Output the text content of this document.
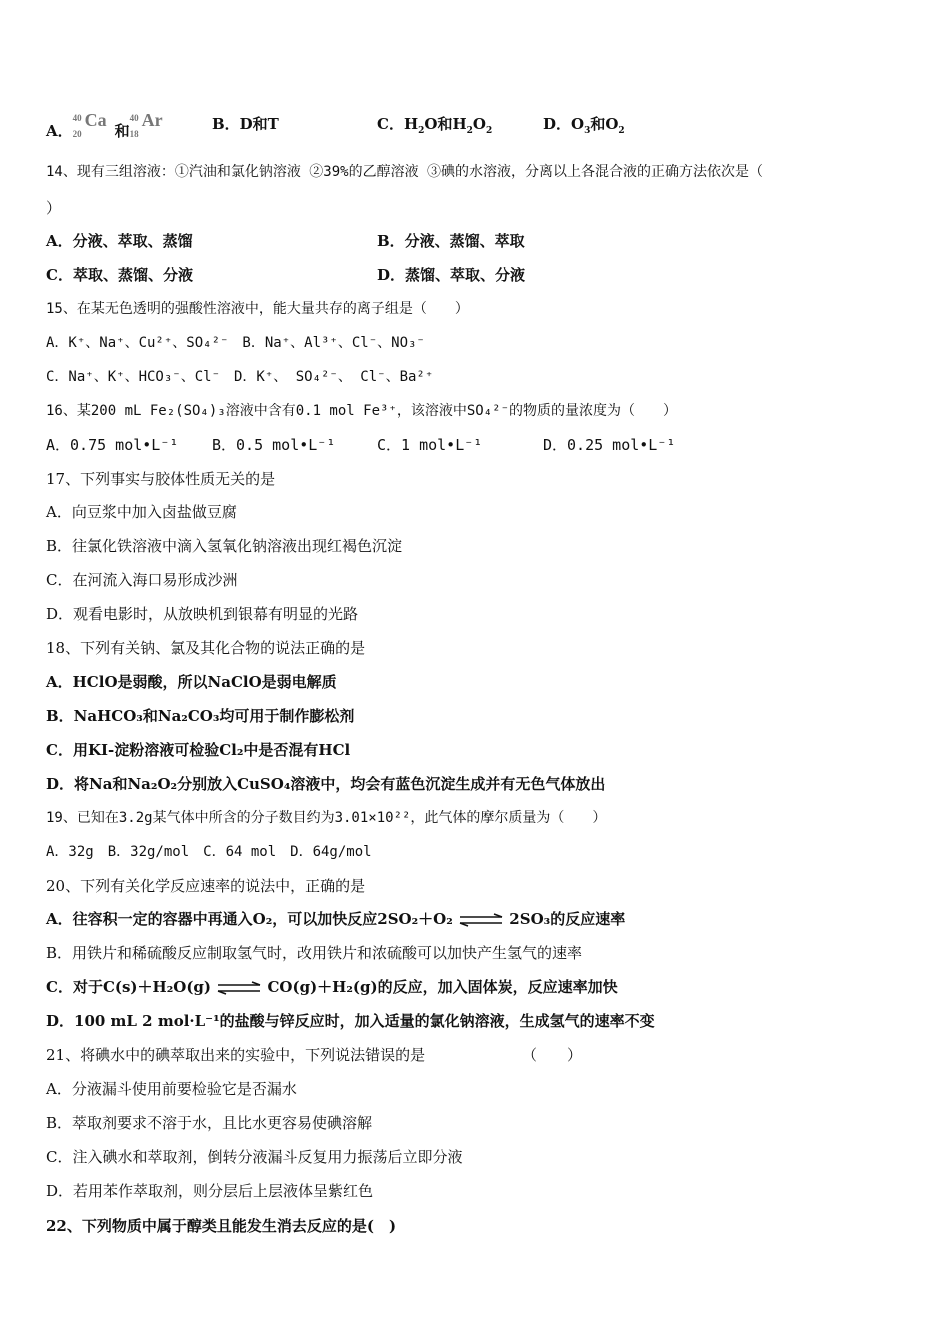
A．
40
20
Ca
和
40
18
Ar	B．D和T	C．$H_2O$和$H_2O_2$	D．$O_3$和$O_2$
14、现有三组溶液：①汽油和氯化钠溶液 ②39%的乙醇溶液 ③碘的水溶液，分离以上各混合液的正确方法依次是（
）
A．分液、萃取、蒸馏	B．分液、蒸馏、萃取
C．萃取、蒸馏、分液	D．蒸馏、萃取、分液
15、在某无色透明的强酸性溶液中，能大量共存的离子组是（　　）
A．K⁺、Na⁺、Cu²⁺、SO₄²⁻　B．Na⁺、Al³⁺、Cl⁻、NO₃⁻
C．Na⁺、K⁺、HCO₃⁻、Cl⁻　D．K⁺、 SO₄²⁻、 Cl⁻、Ba²⁺
16、某200 mL Fe₂(SO₄)₃溶液中含有0.1 mol Fe³⁺，该溶液中SO₄²⁻的物质的量浓度为（　　）
A．0.75 mol•L⁻¹ B．0.5 mol•L⁻¹	C．1 mol•L⁻¹	D．0.25 mol•L⁻¹
17、下列事实与胶体性质无关的是
A．向豆浆中加入卤盐做豆腐
B．往氯化铁溶液中滴入氢氧化钠溶液出现红褐色沉淀
C．在河流入海口易形成沙洲
D．观看电影时，从放映机到银幕有明显的光路
18、下列有关钠、氯及其化合物的说法正确的是
A．HClO是弱酸，所以NaClO是弱电解质
B．NaHCO₃和Na₂CO₃均可用于制作膨松剂
C．用KI-淀粉溶液可检验Cl₂中是否混有HCl
D．将Na和Na₂O₂分别放入CuSO₄溶液中，均会有蓝色沉淀生成并有无色气体放出
19、已知在3.2g某气体中所含的分子数目约为3.01×10²²，此气体的摩尔质量为（　　）
A．32g　B．32g/mol　C．64 mol　D．64g/mol
20、下列有关化学反应速率的说法中，正确的是
A．往容积一定的容器中再通入O₂，可以加快反应2SO₂＋O₂ ⇌ 2SO₃的反应速率
B．用铁片和稀硫酸反应制取氢气时，改用铁片和浓硫酸可以加快产生氢气的速率
C．对于C(s)＋H₂O(g) ⇌ CO(g)＋H₂(g)的反应，加入固体炭，反应速率加快
D．100 mL 2 mol·L⁻¹的盐酸与锌反应时，加入适量的氯化钠溶液，生成氢气的速率不变
21、将碘水中的碘萃取出来的实验中，下列说法错误的是	（　　）
A．分液漏斗使用前要检验它是否漏水
B．萃取剂要求不溶于水，且比水更容易使碘溶解
C．注入碘水和萃取剂，倒转分液漏斗反复用力振荡后立即分液
D．若用苯作萃取剂，则分层后上层液体呈紫红色
22、下列物质中属于醇类且能发生消去反应的是(　)
